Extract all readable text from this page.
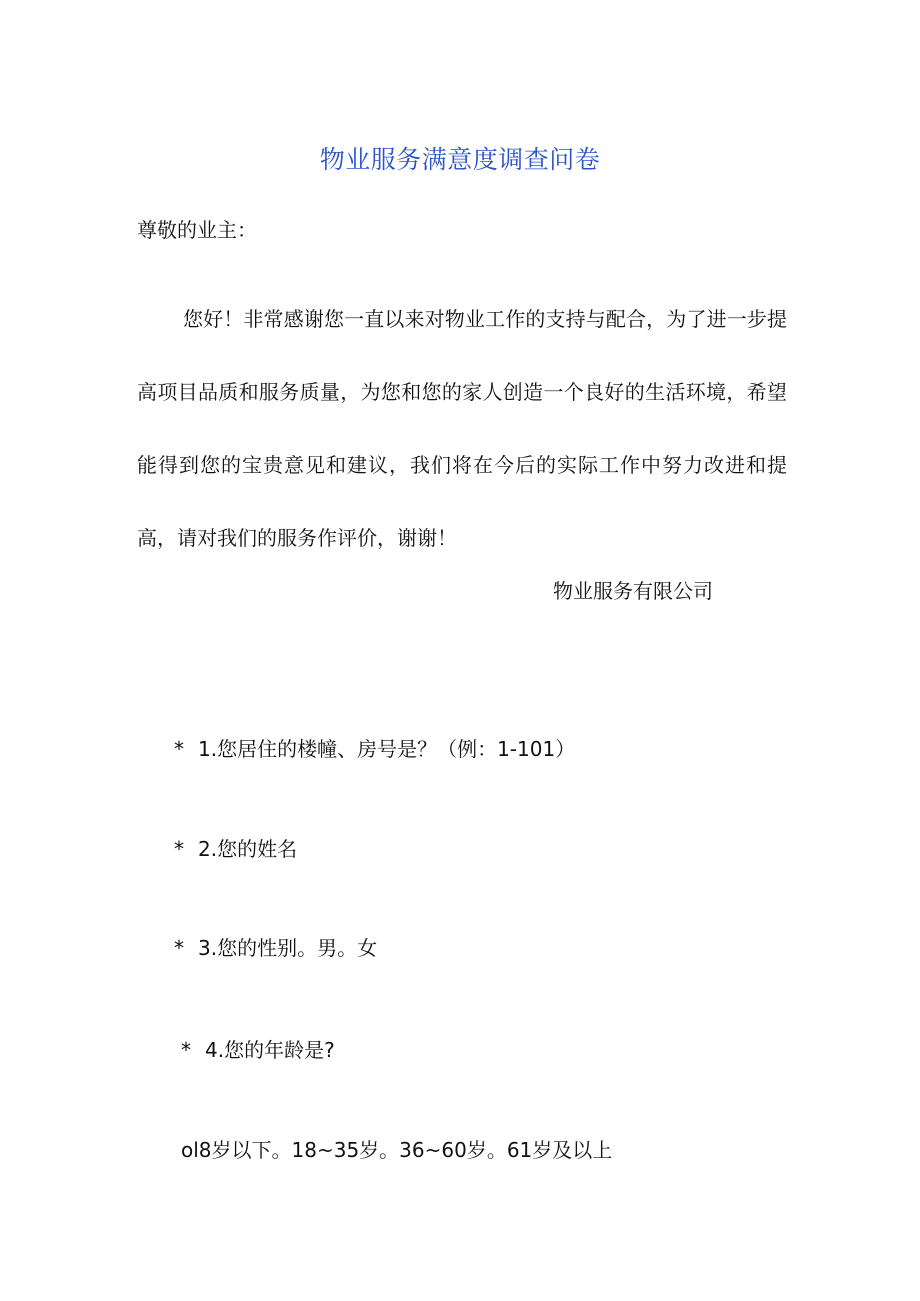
物业服务满意度调查问卷
尊敬的业主：

您好！非常感谢您一直以来对物业工作的支持与配合，为了进一步提高项目品质和服务质量，为您和您的家人创造一个良好的生活环境，希望能得到您的宝贵意见和建议，我们将在今后的实际工作中努力改进和提高，请对我们的服务作评价，谢谢！

物业服务有限公司
* 1.您居住的楼幢、房号是？（例：1-101）
* 2.您的姓名
* 3.您的性别。男。女
* 4.您的年龄是?
ol8岁以下。18~35岁。36~60岁。61岁及以上
